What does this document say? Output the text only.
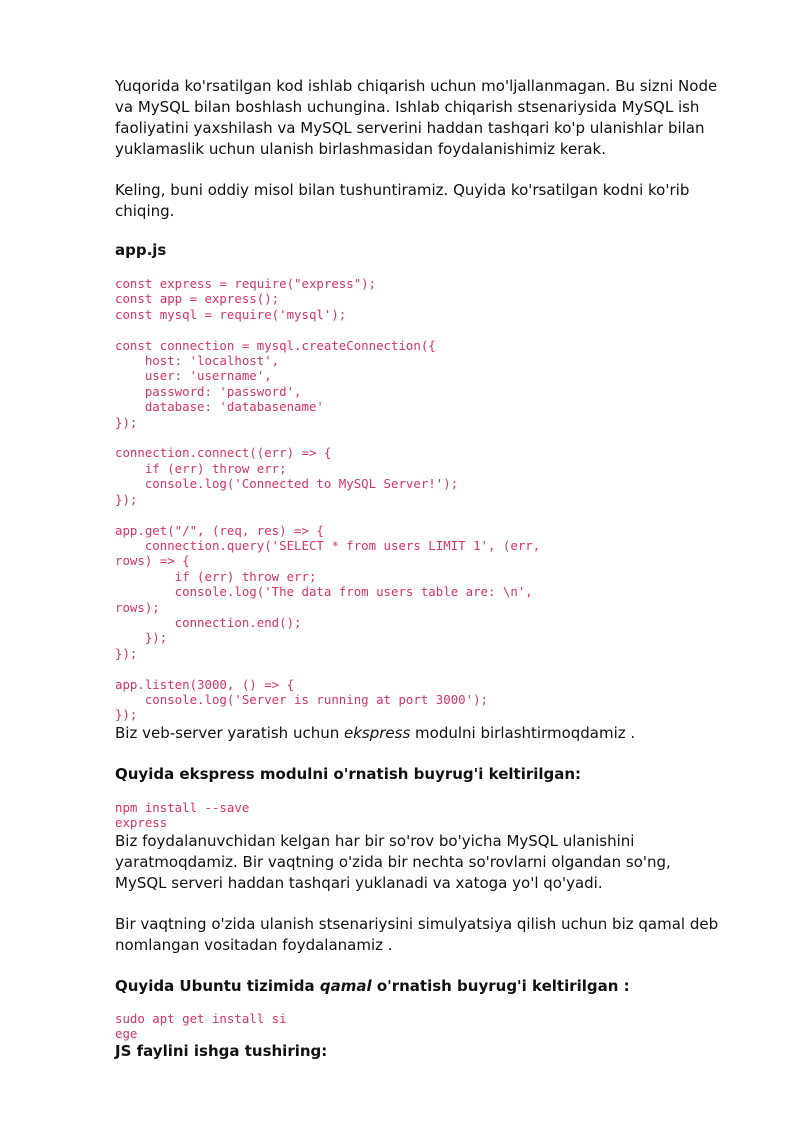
Yuqorida ko'rsatilgan kod ishlab chiqarish uchun mo'ljallanmagan. Bu sizni Node va MySQL bilan boshlash uchungina. Ishlab chiqarish stsenariysida MySQL ish faoliyatini yaxshilash va MySQL serverini haddan tashqari ko'p ulanishlar bilan yuklamaslik uchun ulanish birlashmasidan foydalanishimiz kerak.

Keling, buni oddiy misol bilan tushuntiramiz. Quyida ko'rsatilgan kodni ko'rib chiqing.

app.js

const express = require("express");
const app = express();
const mysql = require('mysql');

const connection = mysql.createConnection({
host: 'localhost',
user: 'username',
password: 'password',
database: 'databasename'
});

connection.connect((err) => {
if (err) throw err;
console.log('Connected to MySQL Server!');
});

app.get("/", (req, res) => {
connection.query('SELECT * from users LIMIT 1', (err,
rows) => {
if (err) throw err;
console.log('The data from users table are: \n',
rows);
connection.end();
});
});

app.listen(3000, () => {
console.log('Server is running at port 3000');
});

Biz veb-server yaratish uchun ekspress modulni birlashtirmoqdamiz .

Quyida ekspress modulni o'rnatish buyrug'i keltirilgan:

npm install --save
express

Biz foydalanuvchidan kelgan har bir so'rov bo'yicha MySQL ulanishini yaratmoqdamiz. Bir vaqtning o'zida bir nechta so'rovlarni olgandan so'ng, MySQL serveri haddan tashqari yuklanadi va xatoga yo'l qo'yadi.

Bir vaqtning o'zida ulanish stsenariysini simulyatsiya qilish uchun biz qamal deb nomlangan vositadan foydalanamiz .

Quyida Ubuntu tizimida qamal o'rnatish buyrug'i keltirilgan :

sudo apt get install si
ege

JS faylini ishga tushiring:
